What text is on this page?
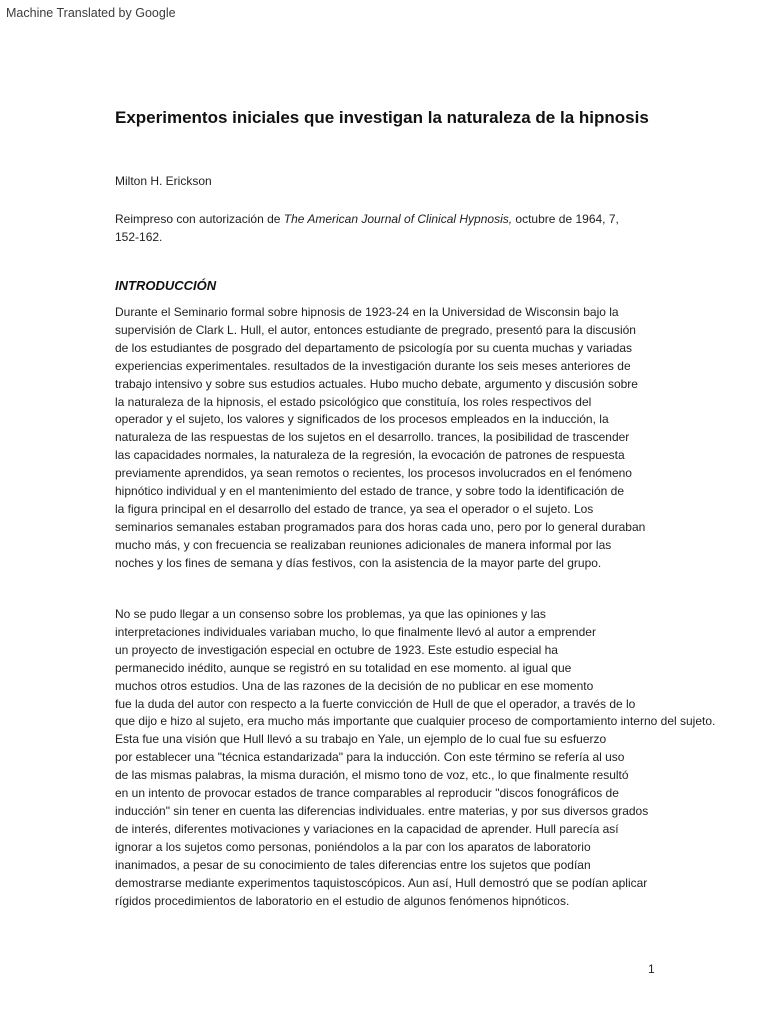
Machine Translated by Google
Experimentos iniciales que investigan la naturaleza de la hipnosis
Milton H. Erickson
Reimpreso con autorización de The American Journal of Clinical Hypnosis, octubre de 1964, 7,
152-162.
INTRODUCCIÓN
Durante el Seminario formal sobre hipnosis de 1923-24 en la Universidad de Wisconsin bajo la
supervisión de Clark L. Hull, el autor, entonces estudiante de pregrado, presentó para la discusión
de los estudiantes de posgrado del departamento de psicología por su cuenta muchas y variadas
experiencias experimentales. resultados de la investigación durante los seis meses anteriores de
trabajo intensivo y sobre sus estudios actuales. Hubo mucho debate, argumento y discusión sobre
la naturaleza de la hipnosis, el estado psicológico que constituía, los roles respectivos del
operador y el sujeto, los valores y significados de los procesos empleados en la inducción, la
naturaleza de las respuestas de los sujetos en el desarrollo. trances, la posibilidad de trascender
las capacidades normales, la naturaleza de la regresión, la evocación de patrones de respuesta
previamente aprendidos, ya sean remotos o recientes, los procesos involucrados en el fenómeno
hipnótico individual y en el mantenimiento del estado de trance, y sobre todo la identificación de
la figura principal en el desarrollo del estado de trance, ya sea el operador o el sujeto. Los
seminarios semanales estaban programados para dos horas cada uno, pero por lo general duraban
mucho más, y con frecuencia se realizaban reuniones adicionales de manera informal por las
noches y los fines de semana y días festivos, con la asistencia de la mayor parte del grupo.
No se pudo llegar a un consenso sobre los problemas, ya que las opiniones y las
interpretaciones individuales variaban mucho, lo que finalmente llevó al autor a emprender
un proyecto de investigación especial en octubre de 1923. Este estudio especial ha
permanecido inédito, aunque se registró en su totalidad en ese momento. al igual que
muchos otros estudios. Una de las razones de la decisión de no publicar en ese momento
fue la duda del autor con respecto a la fuerte convicción de Hull de que el operador, a través de lo
que dijo e hizo al sujeto, era mucho más importante que cualquier proceso de comportamiento interno del sujeto.
Esta fue una visión que Hull llevó a su trabajo en Yale, un ejemplo de lo cual fue su esfuerzo
por establecer una "técnica estandarizada" para la inducción. Con este término se refería al uso
de las mismas palabras, la misma duración, el mismo tono de voz, etc., lo que finalmente resultó
en un intento de provocar estados de trance comparables al reproducir "discos fonográficos de
inducción" sin tener en cuenta las diferencias individuales. entre materias, y por sus diversos grados
de interés, diferentes motivaciones y variaciones en la capacidad de aprender. Hull parecía así
ignorar a los sujetos como personas, poniéndolos a la par con los aparatos de laboratorio
inanimados, a pesar de su conocimiento de tales diferencias entre los sujetos que podían
demostrarse mediante experimentos taquistoscópicos. Aun así, Hull demostró que se podían aplicar
rígidos procedimientos de laboratorio en el estudio de algunos fenómenos hipnóticos.
1
